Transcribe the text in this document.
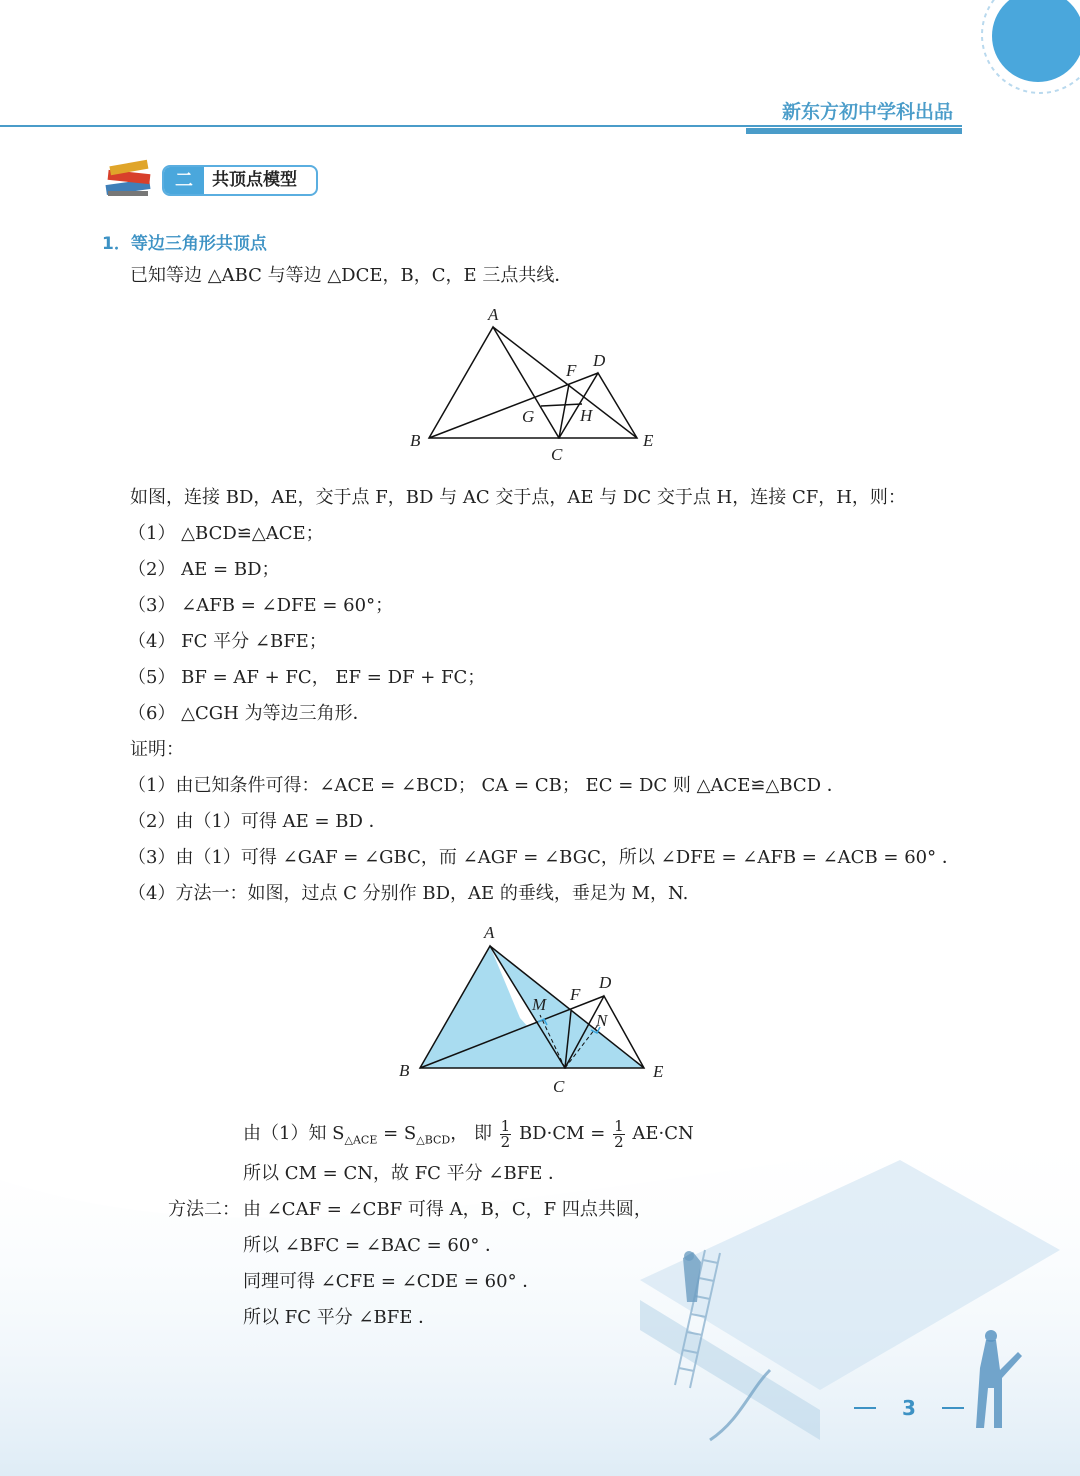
新东方初中学科出品
二	共顶点模型
1．等边三角形共顶点
已知等边 △ABC 与等边 △DCE，B，C，E 三点共线．
A
F
D
G	H
B
C
E
如图，连接 BD，AE，交于点 F，BD 与 AC 交于点，AE 与 DC 交于点 H，连接 CF，H，则：
（1） △BCD≌△ACE；
（2） AE = BD；
（3） ∠AFB = ∠DFE = 60°；
（4） FC 平分 ∠BFE；
（5） BF = AF + FC， EF = DF + FC；
（6） △CGH 为等边三角形．
证明：
（1）由已知条件可得：∠ACE = ∠BCD； CA = CB； EC = DC 则 △ACE≌△BCD ．
（2）由（1）可得 AE = BD ．
（3）由（1）可得 ∠GAF = ∠GBC，而 ∠AGF = ∠BGC，所以 ∠DFE = ∠AFB = ∠ACB = 60° ．
（4）方法一：如图，过点 C 分别作 BD，AE 的垂线，垂足为 M，N.
A
D
M
F
N
B	E
C
由（1）知 $S_{\triangle ACE} = S_{\triangle BCD}$， 即 $\frac{1}{2} BD\cdot CM = \frac{1}{2} AE\cdot CN$
所以 CM = CN，故 FC 平分 ∠BFE ．
方法二： 由 ∠CAF = ∠CBF 可得 A，B，C，F 四点共圆，
所以 ∠BFC = ∠BAC = 60° ．
同理可得 ∠CFE = ∠CDE = 60° ．
所以 FC 平分 ∠BFE ．
3
